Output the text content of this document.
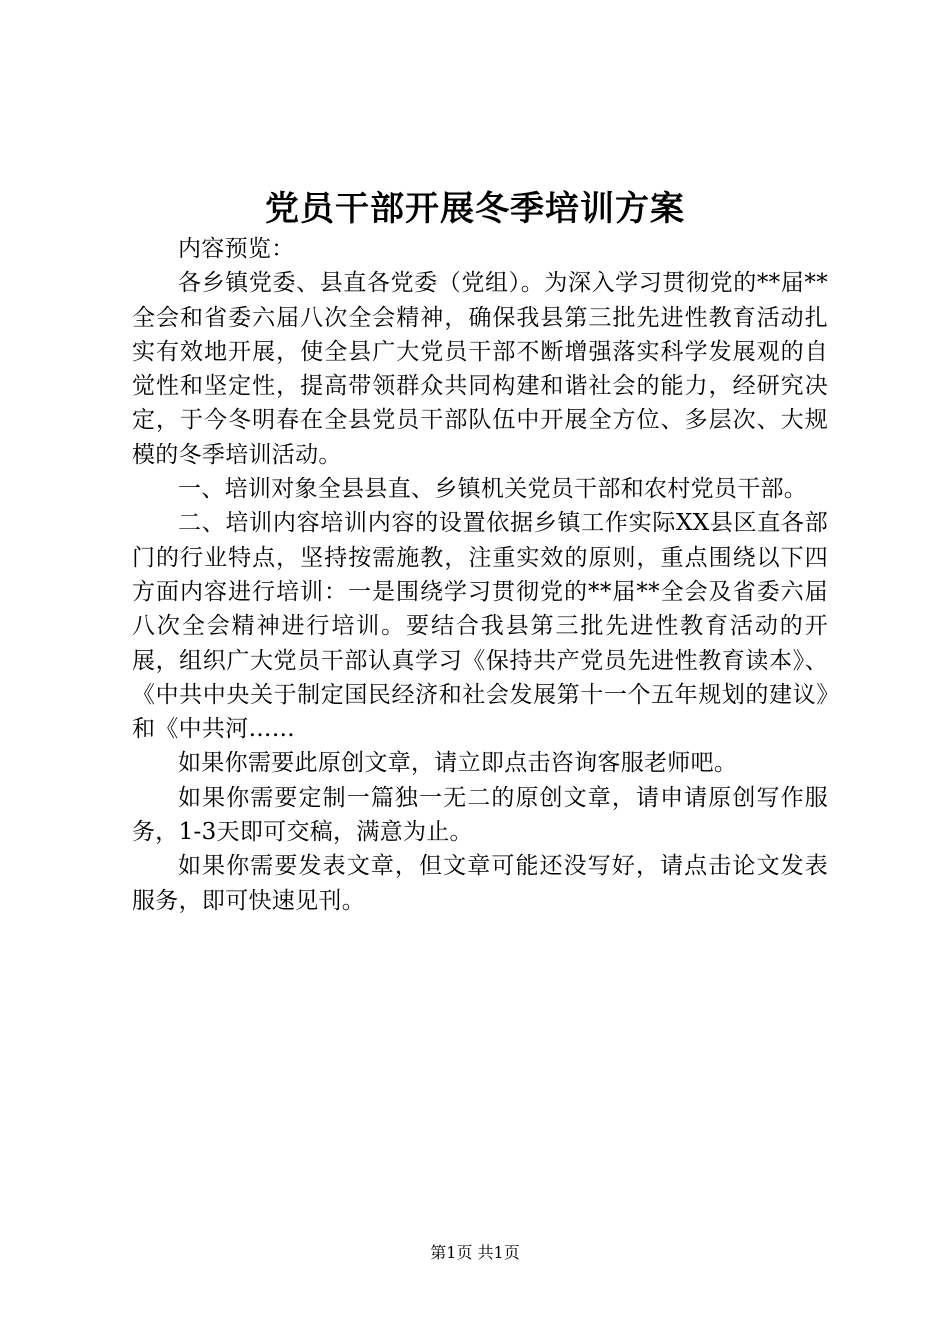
党员干部开展冬季培训方案

内容预览：

各乡镇党委、县直各党委（党组）。为深入学习贯彻党的**届**全会和省委六届八次全会精神，确保我县第三批先进性教育活动扎实有效地开展，使全县广大党员干部不断增强落实科学发展观的自觉性和坚定性，提高带领群众共同构建和谐社会的能力，经研究决定，于今冬明春在全县党员干部队伍中开展全方位、多层次、大规模的冬季培训活动。

一、培训对象全县县直、乡镇机关党员干部和农村党员干部。

二、培训内容培训内容的设置依据乡镇工作实际XX县区直各部门的行业特点，坚持按需施教，注重实效的原则，重点围绕以下四方面内容进行培训：一是围绕学习贯彻党的**届**全会及省委六届八次全会精神进行培训。要结合我县第三批先进性教育活动的开展，组织广大党员干部认真学习《保持共产党员先进性教育读本》、《中共中央关于制定国民经济和社会发展第十一个五年规划的建议》和《中共河……

如果你需要此原创文章，请立即点击咨询客服老师吧。

如果你需要定制一篇独一无二的原创文章，请申请原创写作服务，1-3天即可交稿，满意为止。

如果你需要发表文章，但文章可能还没写好，请点击论文发表服务，即可快速见刊。

第1页 共1页
